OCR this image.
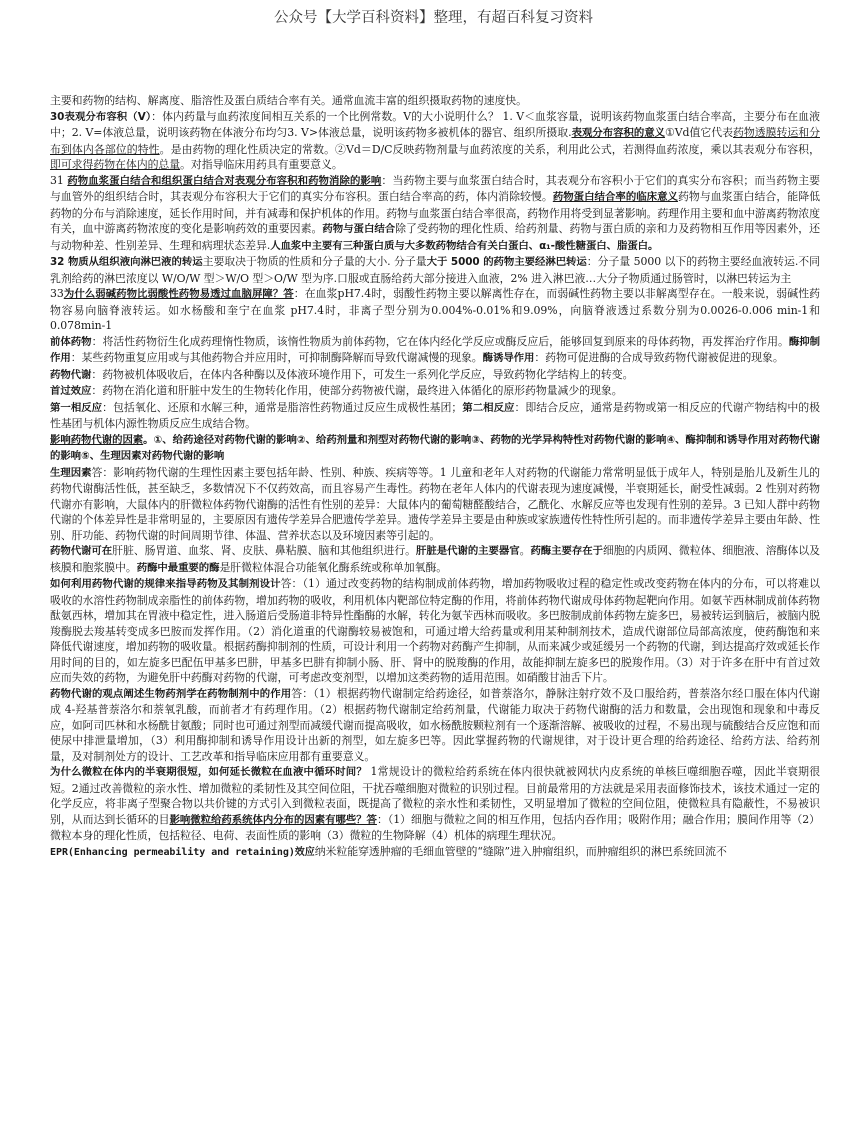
公众号【大学百科资料】整理，有超百科复习资料

主要和药物的结构、解离度、脂溶性及蛋白质结合率有关。通常血流丰富的组织摄取药物的速度快。

30表观分布容积（V）：体内药量与血药浓度间相互关系的一个比例常数。V的大小说明什么？ 1. V＜血浆容量，说明该药物血浆蛋白结合率高，主要分布在血液中；2. V=体液总量，说明该药物在体液分布均匀3. V>体液总量，说明该药物多被机体的器官、组织所摄取.表观分布容积的意义①Vd值它代表药物透膜转运和分布到体内各部位的特性。是由药物的理化性质决定的常数。②Vd＝D/C反映药物剂量与血药浓度的关系，利用此公式，若测得血药浓度，乘以其表观分布容积，即可求得药物在体内的总量。对指导临床用药具有重要意义。

31 药物血浆蛋白结合和组织蛋白结合对表观分布容积和药物消除的影响：当药物主要与血浆蛋白结合时，其表观分布容积小于它们的真实分布容积；而当药物主要与血管外的组织结合时，其表观分布容积大于它们的真实分布容积。蛋白结合率高的药，体内消除较慢。药物蛋白结合率的临床意义药物与血浆蛋白结合，能降低药物的分布与消除速度，延长作用时间，并有减毒和保护机体的作用。药物与血浆蛋白结合率很高，药物作用将受到显著影响。药理作用主要和血中游离药物浓度有关，血中游离药物浓度的变化是影响药效的重要因素。药物与蛋白结合除了受药物的理化性质、给药剂量、药物与蛋白质的亲和力及药物相互作用等因素外，还与动物种差、性别差异、生理和病理状态差异.人血浆中主要有三种蛋白质与大多数药物结合有关白蛋白、α₁-酸性糖蛋白、脂蛋白。

32 物质从组织液向淋巴液的转运主要取决于物质的性质和分子量的大小. 分子量大于 5000 的药物主要经淋巴转运：分子量 5000 以下的药物主要经血液转运.不同乳剂给药的淋巴浓度以 W/O/W 型＞W/O 型＞O/W 型为序.口服或直肠给药大部分接进入血液，2% 进入淋巴液…大分子物质通过肠管时，以淋巴转运为主

33为什么弱碱药物比弱酸性药物易透过血脑屏障？答：在血浆pH7.4时，弱酸性药物主要以解离性存在，而弱碱性药物主要以非解离型存在。一般来说，弱碱性药物容易向脑脊液转运。如水杨酸和奎宁在血浆 pH7.4时，非离子型分别为0.004%-0.01%和9.09%，向脑脊液透过系数分别为0.0026-0.006 min-1和0.078min-1

前体药物：将活性药物衍生化成药理惰性物质，该惰性物质为前体药物，它在体内经化学反应或酶反应后，能够回复到原来的母体药物，再发挥治疗作用。酶抑制作用：某些药物重复应用或与其他药物合并应用时，可抑制酶降解而导致代谢减慢的现象。酶诱导作用：药物可促进酶的合成导致药物代谢被促进的现象。

药物代谢：药物被机体吸收后，在体内各种酶以及体液环境作用下，可发生一系列化学反应，导致药物化学结构上的转变。

首过效应：药物在消化道和肝脏中发生的生物转化作用，使部分药物被代谢，最终进入体循化的原形药物量减少的现象。

第一相反应：包括氧化、还原和水解三种，通常是脂溶性药物通过反应生成极性基团；第二相反应：即结合反应，通常是药物或第一相反应的代谢产物结构中的极性基团与机体内源性物质反应生成结合物。

影响药物代谢的因素。①、给药途径对药物代谢的影响②、给药剂量和剂型对药物代谢的影响③、药物的光学异构特性对药物代谢的影响④、酶抑制和诱导作用对药物代谢的影响⑤、生理因素对药物代谢的影响

生理因素答：影响药物代谢的生理性因素主要包括年龄、性别、种族、疾病等等。1 儿童和老年人对药物的代谢能力常常明显低于成年人，特别是胎儿及新生儿的药物代谢酶活性低，甚至缺乏，多数情况下不仅药效高，而且容易产生毒性。药物在老年人体内的代谢表现为速度减慢，半衰期延长，耐受性减弱。2 性别对药物代谢亦有影响，大鼠体内的肝微粒体药物代谢酶的活性有性别的差异：大鼠体内的葡萄糖醛酸结合，乙酰化、水解反应等也发现有性别的差异。3 已知人群中药物代谢的个体差异性是非常明显的，主要原因有遗传学差异合肥遗传学差异。遗传学差异主要是由种族或家族遗传性特性所引起的。而非遗传学差异主要由年龄、性别、肝功能、药物代谢的时间周期节律、体温、营养状态以及环境因素等引起的。

药物代谢可在肝脏、肠胃道、血浆、肾、皮肤、鼻粘膜、脑和其他组织进行。肝脏是代谢的主要器官。药酶主要存在于细胞的内质网、微粒体、细胞液、溶酶体以及核膜和胞浆膜中。药酶中最重要的酶是肝微粒体混合功能氧化酶系统或称单加氧酶。

如何利用药物代谢的规律来指导药物及其制剂设计答：（1）通过改变药物的结构制成前体药物，增加药物吸收过程的稳定性或改变药物在体内的分布，可以将难以吸收的水溶性药物制成亲脂性的前体药物，增加药物的吸收，利用机体内靶部位特定酶的作用，将前体药物代谢成母体药物起靶向作用。如氨苄西林制成前体药物酞氨西林，增加其在胃液中稳定性，进入肠道后受肠道非特异性酯酶的水解，转化为氨苄西林而吸收。多巴胺制成前体药物左旋多巴，易被转运到脑后，被脑内脱羧酶脱去羧基转变成多巴胺而发挥作用。（2）消化道重的代谢酶较易被饱和，可通过增大给药量或利用某种制剂技术，造成代谢部位局部高浓度，使药酶饱和来降低代谢速度，增加药物的吸收量。根据药酶抑制剂的性质，可设计利用一个药物对药酶产生抑制，从而来减少或延缓另一个药物的代谢，到达提高疗效或延长作用时间的目的，如左旋多巴配伍甲基多巴肼，甲基多巴肼有抑制小肠、肝、肾中的脱羧酶的作用，故能抑制左旋多巴的脱羧作用。（3）对于许多在肝中有首过效应而失效的药物，为避免肝中药酶对药物的代谢，可考虑改变剂型，以增加这类药物的适用范围。如硝酸甘油舌下片。

药物代谢的观点阐述生物药剂学在药物制剂中的作用答：（1）根据药物代谢制定给药途径，如普萘洛尔，静脉注射疗效不及口服给药，普萘洛尔经口服在体内代谢成 4-羟基普萘洛尔和萘氧乳酸，而前者才有药理作用。（2）根据药物代谢制定给药剂量，代谢能力取决于药物代谢酶的活力和数量，会出现饱和现象和中毒反应，如阿司匹林和水杨酰甘氨酸；同时也可通过剂型而减缓代谢而提高吸收，如水杨酰胺颗粒剂有一个逐渐溶解、被吸收的过程，不易出现与硫酸结合反应饱和而使尿中排泄量增加，（3）利用酶抑制和诱导作用设计出新的剂型，如左旋多巴等。因此掌握药物的代谢规律，对于设计更合理的给药途径、给药方法、给药剂量，及对制剂处方的设计、工艺改革和指导临床应用都有重要意义。

为什么微粒在体内的半衰期很短，如何延长微粒在血液中循环时间？ 1常规设计的微粒给药系统在体内很快就被网状内皮系统的单核巨噬细胞吞噬，因此半衰期很短。2通过改善微粒的亲水性、增加微粒的柔韧性及其空间位阻，干扰吞噬细胞对微粒的识别过程。目前最常用的方法就是采用表面修饰技术，该技术通过一定的化学反应，将非离子型聚合物以共价键的方式引入到微粒表面，既提高了微粒的亲水性和柔韧性，又明显增加了微粒的空间位阻，使微粒具有隐蔽性，不易被识别，从而达到长循环的目影响微粒给药系统体内分布的因素有哪些？答：（1）细胞与微粒之间的相互作用，包括内吞作用；吸附作用；融合作用；膜间作用等（2）微粒本身的理化性质，包括粒径、电荷、表面性质的影响（3）微粒的生物降解（4）机体的病理生理状况。

EPR(Enhancing permeability and retaining)效应纳米粒能穿透肿瘤的毛细血管壁的“缝隙”进入肿瘤组织，而肿瘤组织的淋巴系统回流不
